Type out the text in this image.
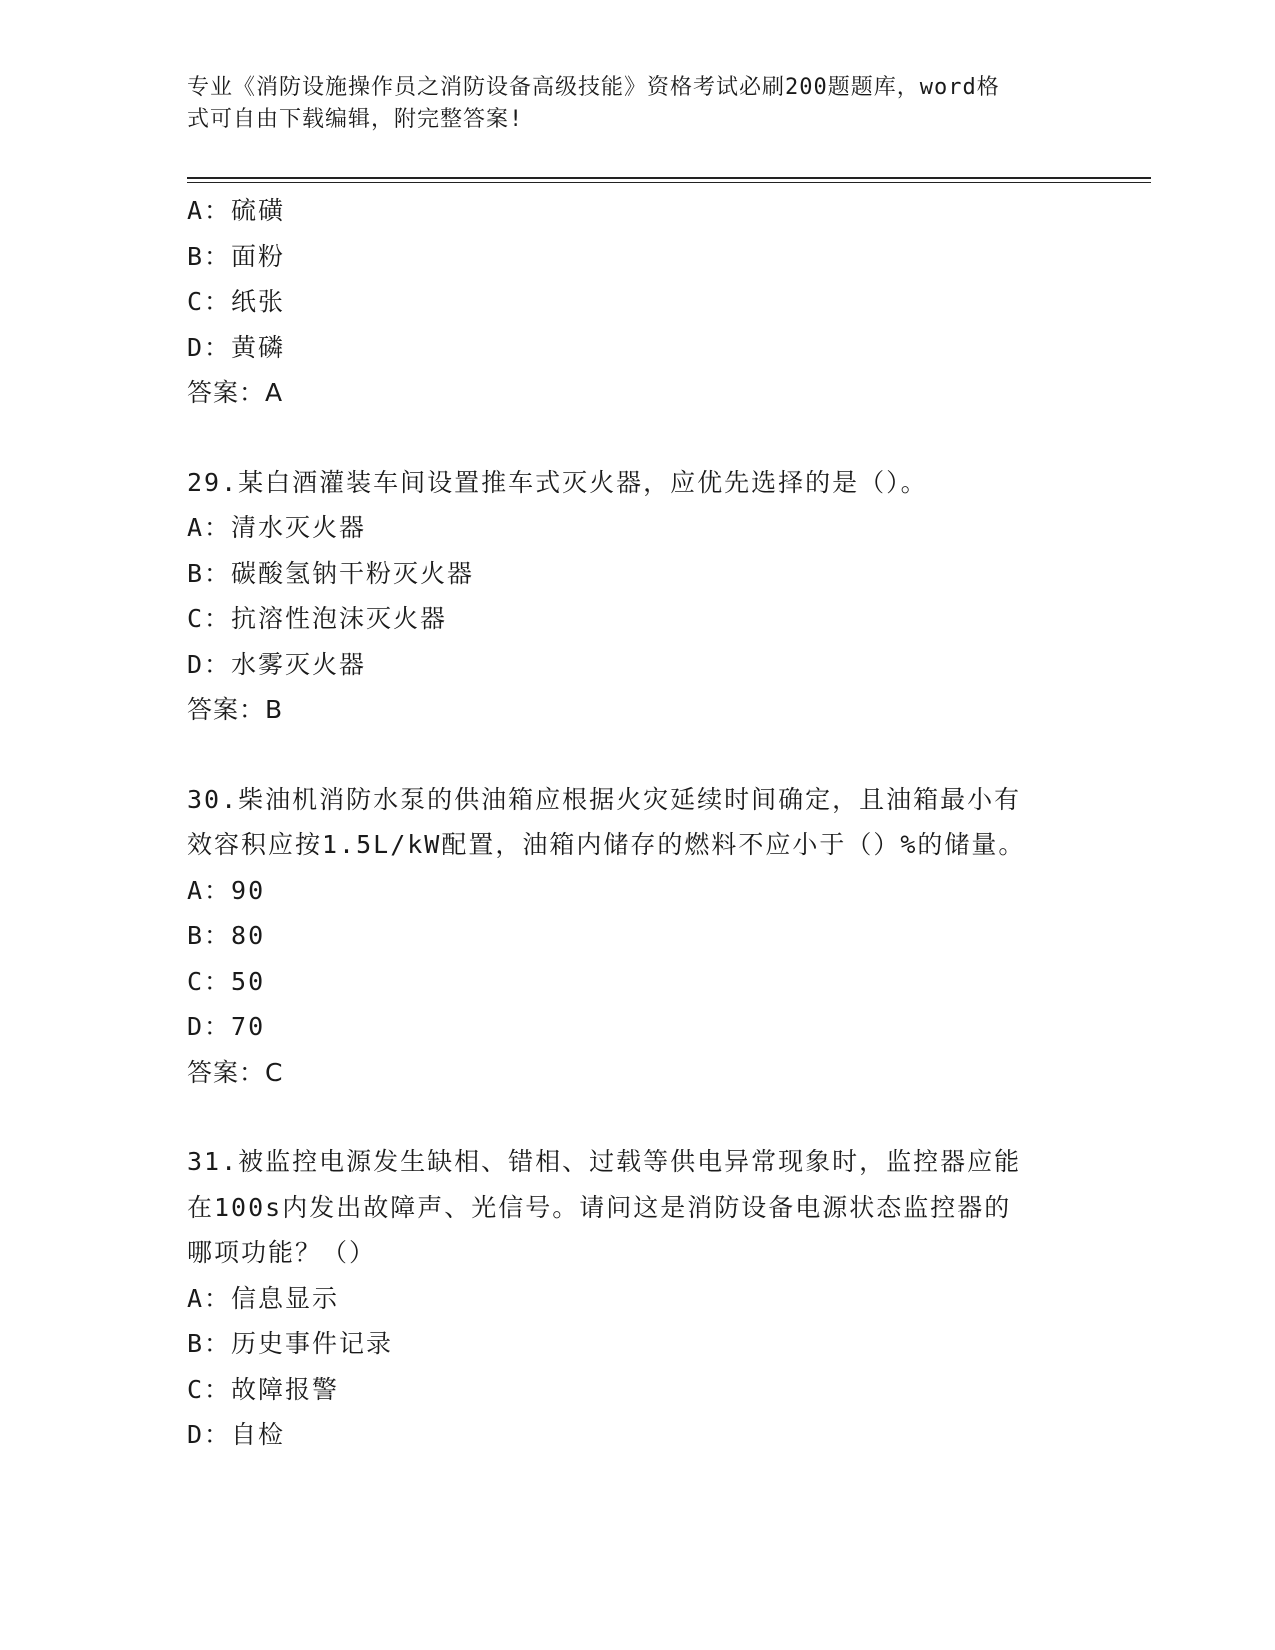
专业《消防设施操作员之消防设备高级技能》资格考试必刷200题题库，word格
式可自由下载编辑，附完整答案!
A：硫磺
B：面粉
C：纸张
D：黄磷
答案：A
29.某白酒灌装车间设置推车式灭火器，应优先选择的是（）。
A：清水灭火器
B：碳酸氢钠干粉灭火器
C：抗溶性泡沫灭火器
D：水雾灭火器
答案：B
30.柴油机消防水泵的供油箱应根据火灾延续时间确定，且油箱最小有
效容积应按1.5L/kW配置，油箱内储存的燃料不应小于（）%的储量。
A：90
B：80
C：50
D：70
答案：C
31.被监控电源发生缺相、错相、过载等供电异常现象时，监控器应能
在100s内发出故障声、光信号。请问这是消防设备电源状态监控器的
哪项功能？（）
A：信息显示
B：历史事件记录
C：故障报警
D：自检
